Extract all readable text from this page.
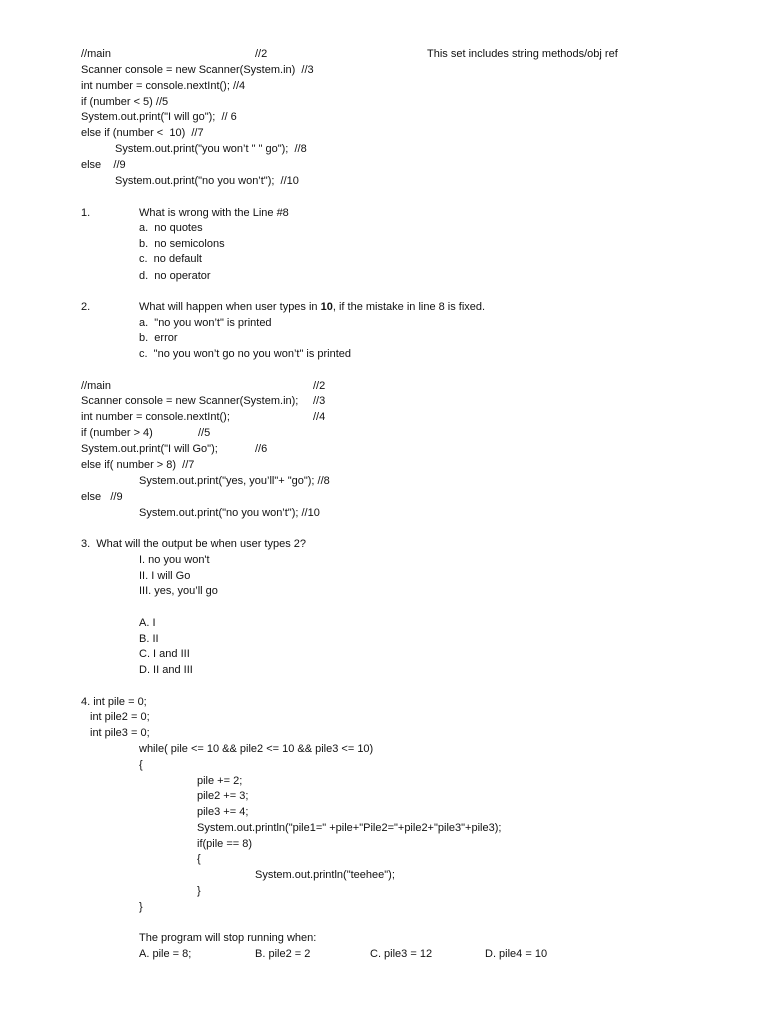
//main	//2	This set includes string methods/obj ref
Scanner console = new Scanner(System.in)  //3
int number = console.nextInt(); //4
if (number < 5) //5
System.out.print("I will go");  // 6
else if (number <  10)  //7
System.out.print("you won’t " " go");  //8
else    //9
System.out.print("no you won’t");  //10
1.	What is wrong with the Line #8
a.  no quotes
b.  no semicolons
c.  no default
d.  no operator
2.	What will happen when user types in 10, if the mistake in line 8 is fixed.
a.  "no you won’t" is printed
b.  error
c.  "no you won’t go no you won’t" is printed
//main	//2
Scanner console = new Scanner(System.in); //3
int number = console.nextInt();	//4
if (number > 4)	//5
System.out.print("I will Go");	//6
else if( number > 8)  //7
System.out.print("yes, you’ll"+ "go"); //8
else   //9
System.out.print("no you won’t"); //10
3.  What will the output be when user types 2?
I. no you won't
II. I will Go
III. yes, you’ll go
A. I
B. II
C. I and III
D. II and III
4. int pile = 0;
int pile2 = 0;
int pile3 = 0;
while( pile <= 10 && pile2 <= 10 && pile3 <= 10)
{
pile += 2;
pile2 += 3;
pile3 += 4;
System.out.println("pile1=" +pile+"Pile2="+pile2+"pile3"+pile3);
if(pile == 8)
{
System.out.println("teehee");
}
}
The program will stop running when:
A. pile = 8;	B. pile2 = 2	C. pile3 = 12	D. pile4 = 10
